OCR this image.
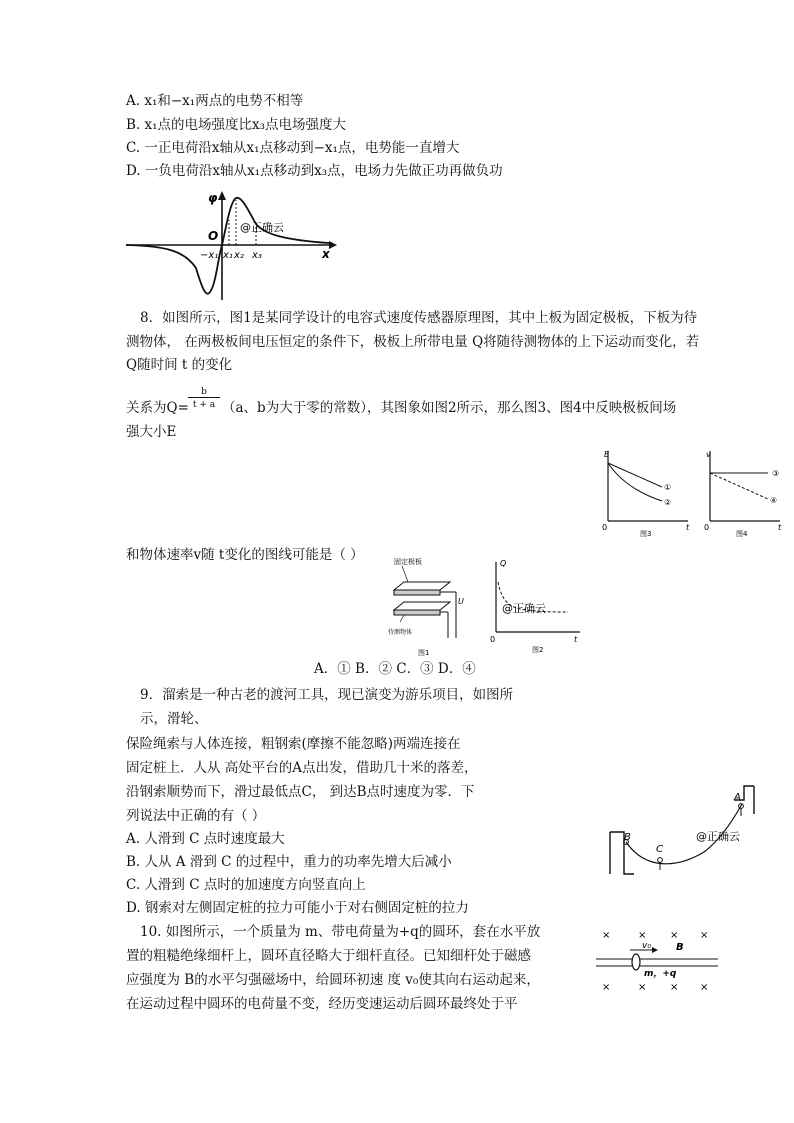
A. x₁和−x₁两点的电势不相等
B. x₁点的电场强度比x₃点电场强度大
C. 一正电荷沿x轴从x₁点移动到−x₁点，电势能一直增大
D. 一负电荷沿x轴从x₁点移动到x₃点，电场力先做正功再做负功
φ
O
x
−x₁ x₁ x₂ x₃
@正确云
8．如图所示，图1是某同学设计的电容式速度传感器原理图，其中上板为固定极板，下板为待
测物体， 在两极板间电压恒定的条件下，极板上所带电量 Q将随待测物体的上下运动而变化，若
Q随时间 t 的变化
关系为Q=
b
t + a （a、b为大于零的常数），其图象如图2所示，那么图3、图4中反映极板间场
强大小E
和物体速率v随 t变化的图线可能是（ ）
A．① B．② C．③ D．④
E
t
0
①
②
图3
v
t
0
③
④
图4
固定极板
待测物体
U
图1
Q
t
0
@正确云
图2
9．溜索是一种古老的渡河工具，现已演变为游乐项目，如图所
示，滑轮、
保险绳索与人体连接，粗钢索(摩擦不能忽略)两端连接在
固定桩上．人从 高处平台的A点出发，借助几十米的落差，
沿钢索顺势而下，滑过最低点C， 到达B点时速度为零．下
列说法中正确的有（ ）
A. 人滑到 C 点时速度最大
B. 人从 A 滑到 C 的过程中，重力的功率先增大后减小
C. 人滑到 C 点时的加速度方向竖直向上
D. 钢索对左侧固定桩的拉力可能小于对右侧固定桩的拉力
B
C
A
@正确云
10. 如图所示，一个质量为 m、带电荷量为+q的圆环，套在水平放
置的粗糙绝缘细杆上，圆环直径略大于细杆直径。已知细杆处于磁感
应强度为 B的水平匀强磁场中，给圆环初速 度 v₀使其向右运动起来，
在运动过程中圆环的电荷量不变，经历变速运动后圆环最终处于平
×	× × ×
×	× × ×
v₀	B
m，+q
